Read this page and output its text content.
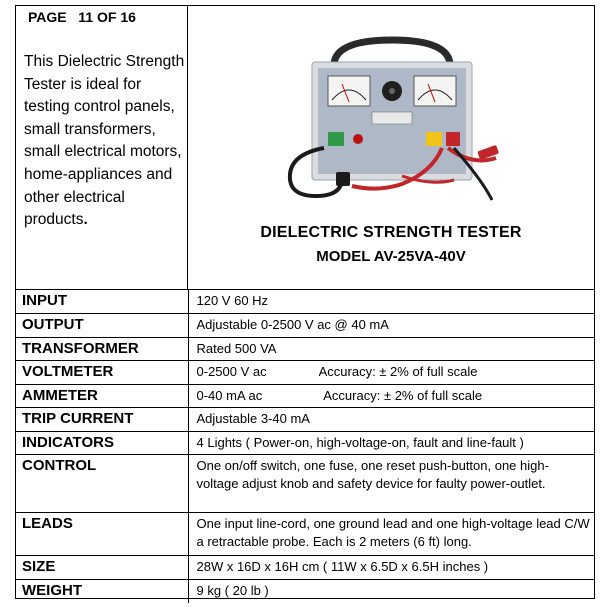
PAGE   11 OF 16
This Dielectric Strength Tester is ideal for testing control panels, small transformers, small electrical motors, home-appliances and other electrical products.
DIELECTRIC STRENGTH TESTER
MODEL AV-25VA-40V
INPUT	120 V 60 Hz
OUTPUT	Adjustable 0-2500 V ac @ 40 mA
TRANSFORMER	Rated 500 VA
VOLTMETER	0-2500 V ac Accuracy: ± 2% of full scale
AMMETER	0-40 mA ac Accuracy: ± 2% of full scale
TRIP CURRENT	Adjustable 3-40 mA
INDICATORS	4 Lights ( Power-on, high-voltage-on, fault and line-fault )
CONTROL	One on/off switch, one fuse, one reset push-button, one high-voltage adjust knob and safety device for faulty power-outlet.
LEADS	One input line-cord, one ground lead and one high-voltage lead C/W a retractable probe. Each is 2 meters (6 ft) long.
SIZE	28W x 16D x 16H cm ( 11W x 6.5D x 6.5H inches )
WEIGHT	9 kg ( 20 lb )
